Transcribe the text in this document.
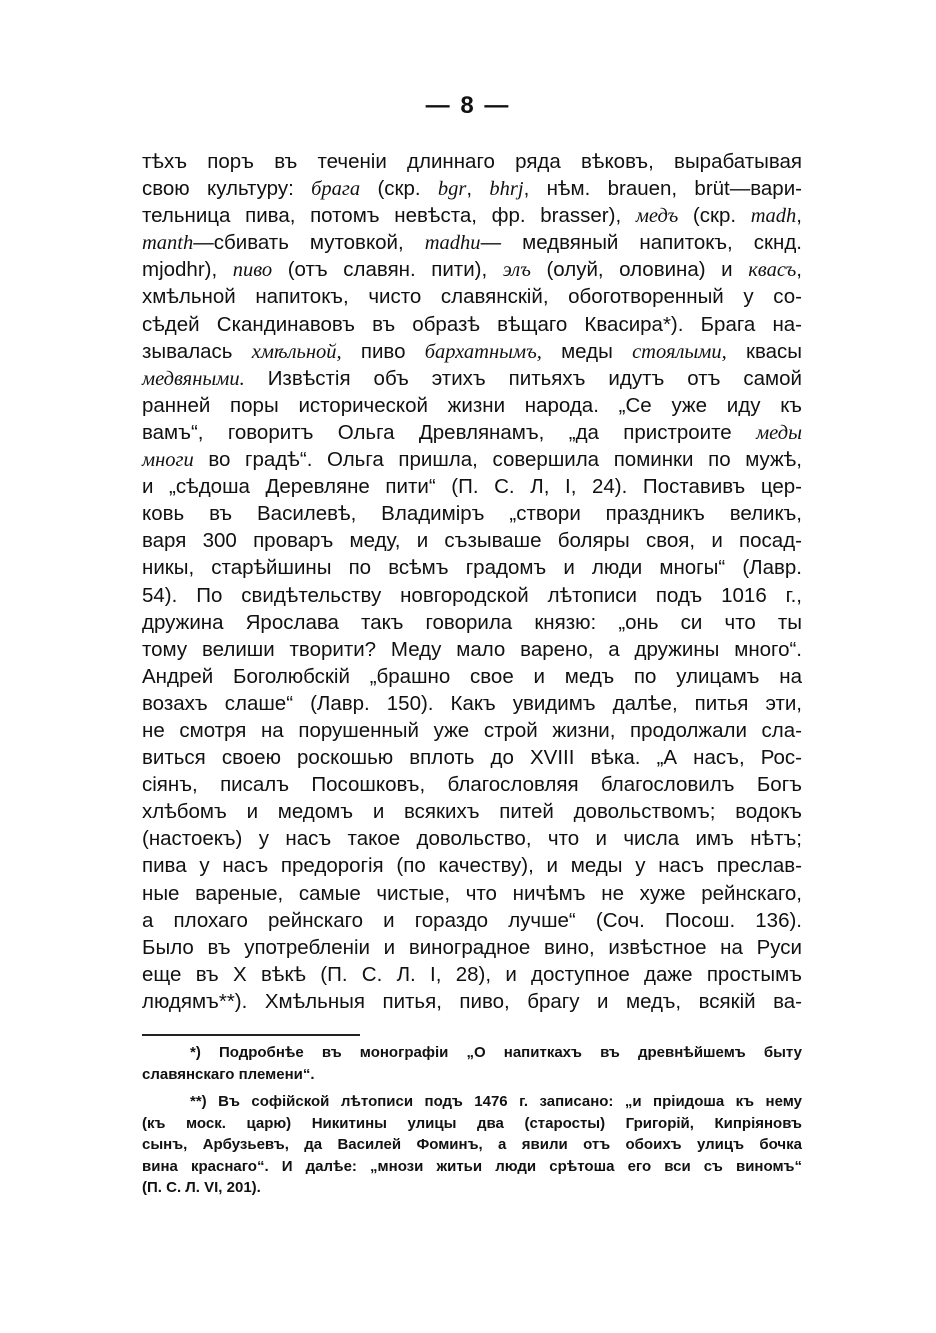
— 8 —
тѣхъ поръ въ теченіи длиннаго ряда вѣковъ, вырабатывая
свою культуру: брага (скр. bgr, bhrj, нѣм. brauen, brüt—вари-
тельница пива, потомъ невѣста, фр. brasser), медъ (скр. madh,
manth—сбивать мутовкой, madhu— медвяный напитокъ, скнд.
mjodhr), пиво (отъ славян. пити), элъ (олуй, оловина) и квасъ,
хмѣльной напитокъ, чисто славянскій, обоготворенный у со-
сѣдей Скандинавовъ въ образѣ вѣщаго Квасира*). Брага на-
зывалась хмѣльной, пиво бархатнымъ, меды стоялыми, квасы
медвяными. Извѣстія объ этихъ питьяхъ идутъ отъ самой
ранней поры исторической жизни народа. „Се уже иду къ
вамъ“, говоритъ Ольга Древлянамъ, „да пристроите меды
многи во градѣ“. Ольга пришла, совершила поминки по мужѣ,
и „сѣдоша Деревляне пити“ (П. С. Л, I, 24). Поставивъ цер-
ковь въ Василевѣ, Владиміръ „створи праздникъ великъ,
варя 300 проваръ меду, и съзываше боляры своя, и посад-
никы, старѣйшины по всѣмъ градомъ и люди многы“ (Лавр.
54). По свидѣтельству новгородской лѣтописи подъ 1016 г.,
дружина Ярослава такъ говорила князю: „онь си что ты
тому велиши творити? Меду мало варено, а дружины много“.
Андрей Боголюбскій „брашно свое и медъ по улицамъ на
возахъ слаше“ (Лавр. 150). Какъ увидимъ далѣе, питья эти,
не смотря на порушенный уже строй жизни, продолжали сла-
виться своею роскошью вплоть до XVIII вѣка. „А насъ, Рос-
сіянъ, писалъ Посошковъ, благословляя благословилъ Богъ
хлѣбомъ и медомъ и всякихъ питей довольствомъ; водокъ
(настоекъ) у насъ такое довольство, что и числа имъ нѣтъ;
пива у насъ предорогія (по качеству), и меды у насъ преслав-
ные вареные, самые чистые, что ничѣмъ не хуже рейнскаго,
а плохаго рейнскаго и гораздо лучше“ (Соч. Посош. 136).
Было въ употребленіи и виноградное вино, извѣстное на Руси
еще въ X вѣкѣ (П. С. Л. I, 28), и доступное даже простымъ
людямъ**). Хмѣльныя питья, пиво, брагу и медъ, всякій ва-
*) Подробнѣе въ монографіи „О напиткахъ въ древнѣйшемъ быту
славянскаго племени“.
**) Въ софійской лѣтописи подъ 1476 г. записано: „и пріидоша къ нему
(къ моск. царю) Никитины улицы два (старосты) Григорій, Кипріяновъ
сынъ, Арбузьевъ, да Василей Фоминъ, а явили отъ обоихъ улицъ бочка
вина краснаго“. И далѣе: „мнози житьи люди срѣтоша его вси съ виномъ“
(П. С. Л. VI, 201).
